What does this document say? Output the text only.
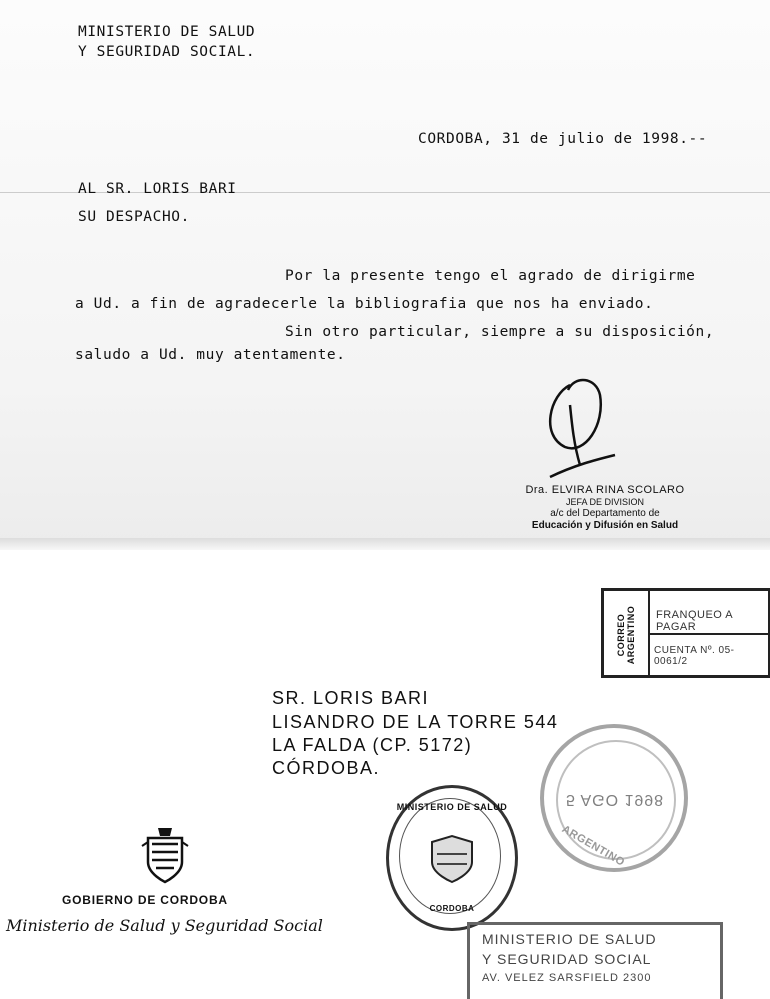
MINISTERIO DE SALUD
Y SEGURIDAD SOCIAL.
CORDOBA, 31 de julio de 1998.--
AL SR. LORIS BARI
SU DESPACHO.
Por la presente tengo el agrado de dirigirme
a Ud. a fin de agradecerle la bibliografia que nos ha enviado.
Sin otro particular, siempre a su disposición,
saludo a Ud. muy atentamente.
Dra. ELVIRA RINA SCOLARO
JEFA DE DIVISION
a/c del Departamento de
Educación y Difusión en Salud
CORREO ARGENTINO FRANQUEO A PAGAR
CUENTA Nº. 05-0061/2
SR. LORIS BARI
LISANDRO DE LA TORRE 544
LA FALDA (CP. 5172)
CÓRDOBA.
5 AGO 1998
ARGENTINO
MINISTERIO DE SALUD
CORDOBA
GOBIERNO DE CORDOBA
Ministerio de Salud y Seguridad Social
MINISTERIO DE SALUD
Y SEGURIDAD SOCIAL
AV. VELEZ SARSFIELD 2300
